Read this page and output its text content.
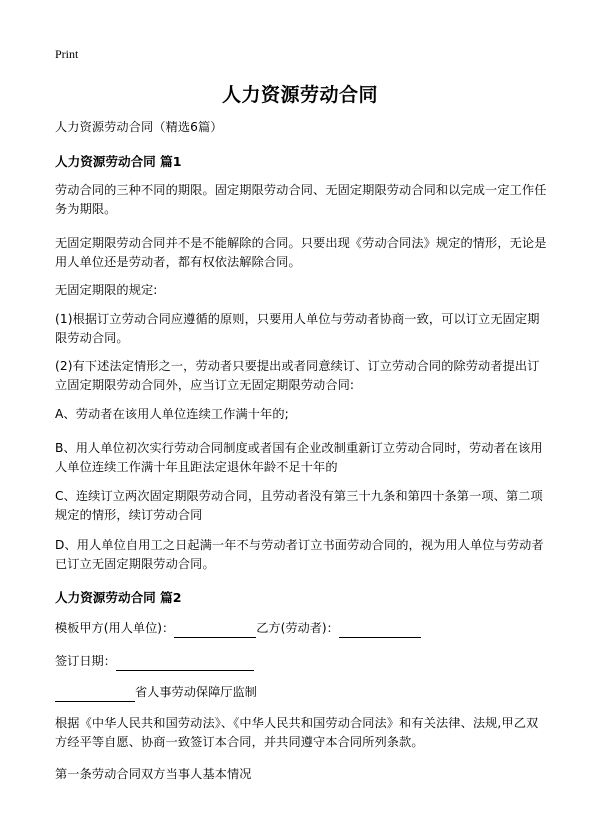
Print
人力资源劳动合同
人力资源劳动合同（精选6篇）
人力资源劳动合同 篇1
劳动合同的三种不同的期限。固定期限劳动合同、无固定期限劳动合同和以完成一定工作任务为期限。
无固定期限劳动合同并不是不能解除的合同。只要出现《劳动合同法》规定的情形，无论是用人单位还是劳动者，都有权依法解除合同。
无固定期限的规定:
(1)根据订立劳动合同应遵循的原则，只要用人单位与劳动者协商一致，可以订立无固定期限劳动合同。
(2)有下述法定情形之一，劳动者只要提出或者同意续订、订立劳动合同的除劳动者提出订立固定期限劳动合同外，应当订立无固定期限劳动合同:
A、劳动者在该用人单位连续工作满十年的;
B、用人单位初次实行劳动合同制度或者国有企业改制重新订立劳动合同时，劳动者在该用人单位连续工作满十年且距法定退休年龄不足十年的
C、连续订立两次固定期限劳动合同，且劳动者没有第三十九条和第四十条第一项、第二项规定的情形，续订劳动合同
D、用人单位自用工之日起满一年不与劳动者订立书面劳动合同的，视为用人单位与劳动者已订立无固定期限劳动合同。
人力资源劳动合同 篇2
模板甲方(用人单位)：	乙方(劳动者)：
签订日期：
省人事劳动保障厅监制
根据《中华人民共和国劳动法》、《中华人民共和国劳动合同法》和有关法律、法规,甲乙双方经平等自愿、协商一致签订本合同，并共同遵守本合同所列条款。
第一条劳动合同双方当事人基本情况
